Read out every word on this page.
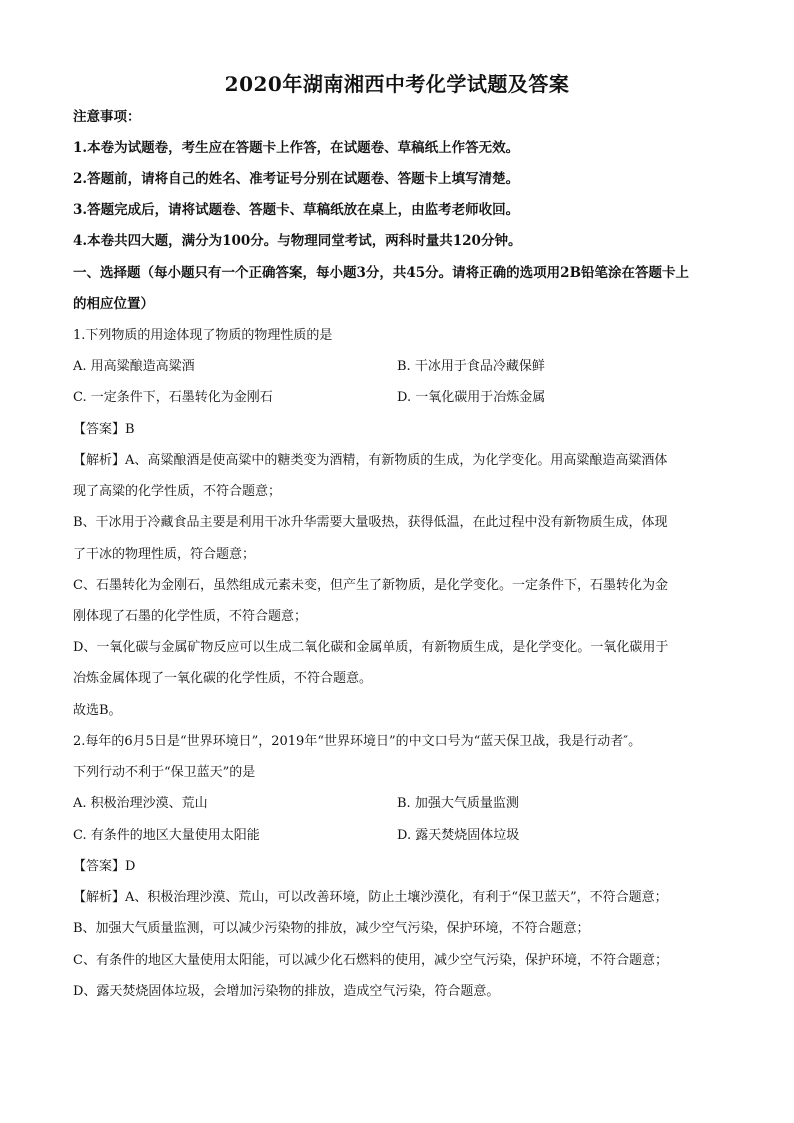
2020年湖南湘西中考化学试题及答案
注意事项：
1.本卷为试题卷，考生应在答题卡上作答，在试题卷、草稿纸上作答无效。
2.答题前，请将自己的姓名、准考证号分别在试题卷、答题卡上填写清楚。
3.答题完成后，请将试题卷、答题卡、草稿纸放在桌上，由监考老师收回。
4.本卷共四大题，满分为100分。与物理同堂考试，两科时量共120分钟。
一、选择题（每小题只有一个正确答案，每小题3分，共45分。请将正确的选项用2B铅笔涂在答题卡上
的相应位置）
1.下列物质的用途体现了物质的物理性质的是
A. 用高粱酿造高粱酒	B. 干冰用于食品冷藏保鲜
C. 一定条件下，石墨转化为金刚石	D. 一氧化碳用于冶炼金属
【答案】B
【解析】A、高粱酿酒是使高粱中的糖类变为酒精，有新物质的生成，为化学变化。用高粱酿造高粱酒体
现了高粱的化学性质，不符合题意；
B、干冰用于冷藏食品主要是利用干冰升华需要大量吸热，获得低温，在此过程中没有新物质生成，体现
了干冰的物理性质，符合题意；
C、石墨转化为金刚石，虽然组成元素未变，但产生了新物质，是化学变化。一定条件下，石墨转化为金
刚体现了石墨的化学性质，不符合题意；
D、一氧化碳与金属矿物反应可以生成二氧化碳和金属单质，有新物质生成，是化学变化。一氧化碳用于
冶炼金属体现了一氧化碳的化学性质，不符合题意。
故选B。
2.每年的6月5日是“世界环境日”，2019年“世界环境日”的中文口号为“蓝天保卫战，我是行动者″。
下列行动不利于“保卫蓝天”的是
A. 积极治理沙漠、荒山	B. 加强大气质量监测
C. 有条件的地区大量使用太阳能	D. 露天焚烧固体垃圾
【答案】D
【解析】A、积极治理沙漠、荒山，可以改善环境，防止土壤沙漠化，有利于“保卫蓝天”，不符合题意；
B、加强大气质量监测，可以减少污染物的排放，减少空气污染，保护环境，不符合题意；
C、有条件的地区大量使用太阳能，可以减少化石燃料的使用，减少空气污染，保护环境，不符合题意；
D、露天焚烧固体垃圾，会增加污染物的排放，造成空气污染，符合题意。
